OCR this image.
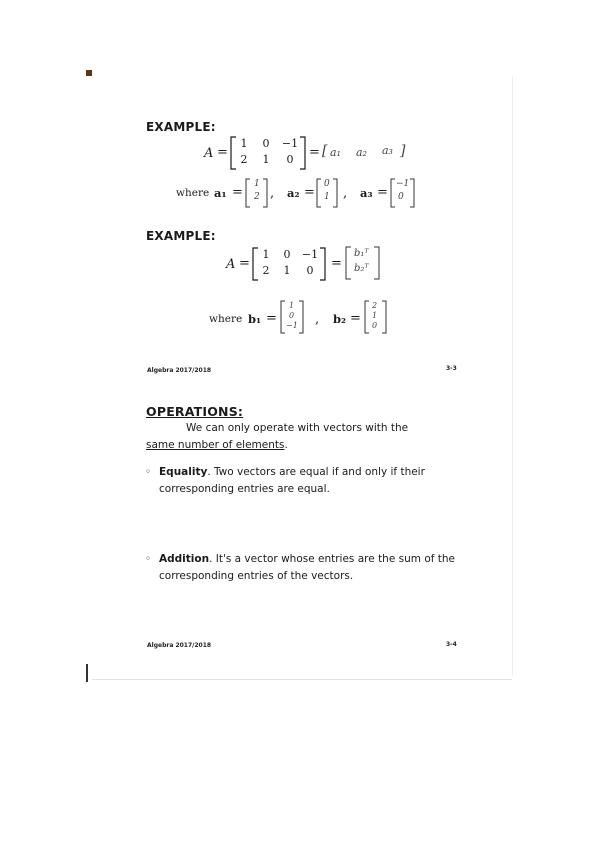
EXAMPLE:
A =
1	0	−1
2	1	0 = [ a₁ a₂ a₃ ]
where a₁ =
1
2 , a₂ =
0
1 , a₃ =
−1
0
EXAMPLE:
A =
1	0	−1
2	1	0 =
b₁ᵀ
b₂ᵀ
where b₁ =
1
0
−1 , b₂ =
2
1
0
Algebra 2017/2018	3-3
OPERATIONS:
We can only operate with vectors with the
same number of elements.
◦ Equality. Two vectors are equal if and only if their
corresponding entries are equal.
◦ Addition. It's a vector whose entries are the sum of the
corresponding entries of the vectors.
Algebra 2017/2018	3-4
